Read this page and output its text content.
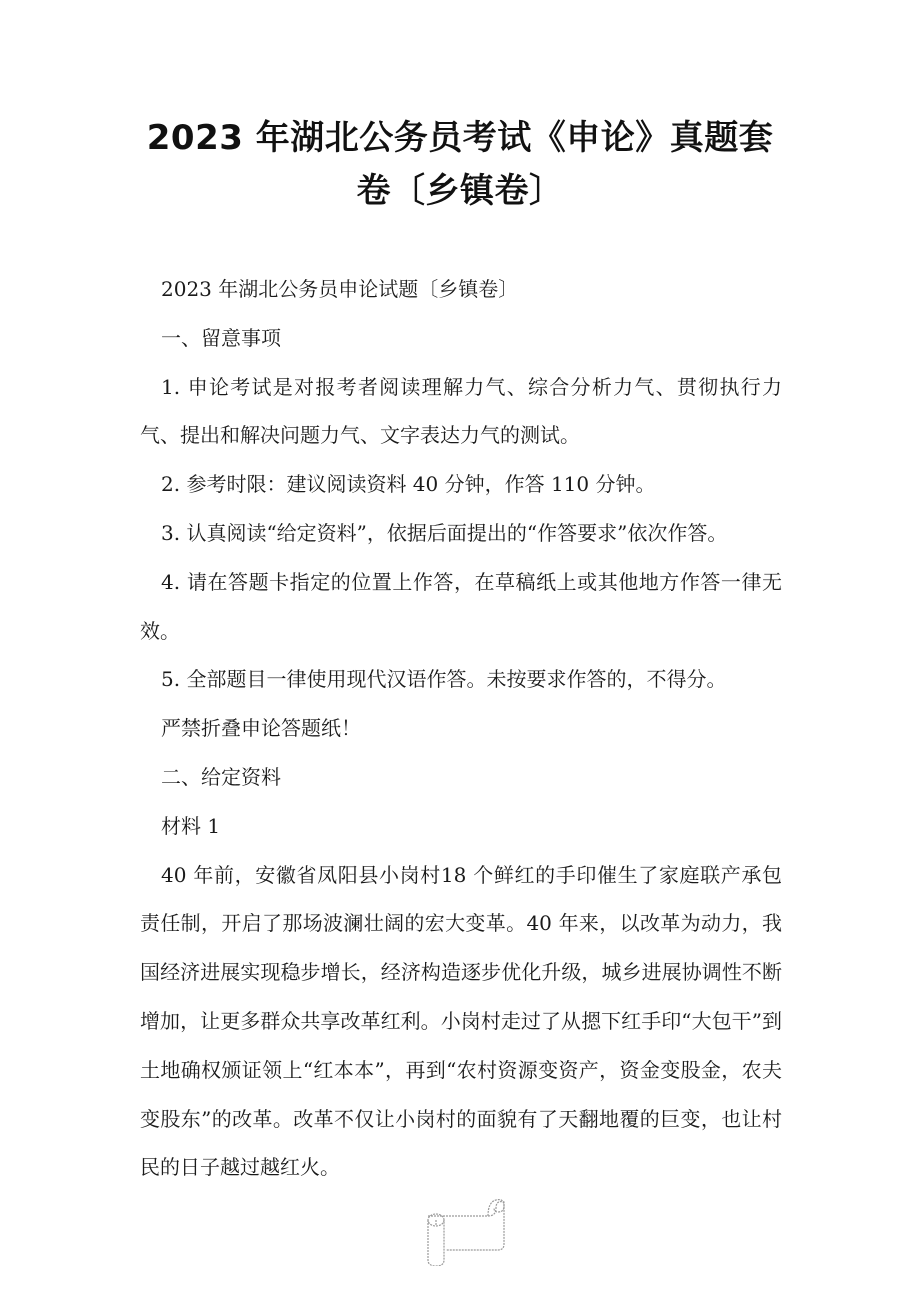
2023 年湖北公务员考试《申论》真题套卷〔乡镇卷〕

2023 年湖北公务员申论试题〔乡镇卷〕

一、留意事项

1. 申论考试是对报考者阅读理解力气、综合分析力气、贯彻执行力气、提出和解决问题力气、文字表达力气的测试。

2. 参考时限：建议阅读资料 40 分钟，作答 110 分钟。

3. 认真阅读“给定资料”，依据后面提出的“作答要求”依次作答。

4. 请在答题卡指定的位置上作答，在草稿纸上或其他地方作答一律无效。

5. 全部题目一律使用现代汉语作答。未按要求作答的，不得分。

严禁折叠申论答题纸！

二、给定资料

材料 1

40 年前，安徽省凤阳县小岗村18 个鲜红的手印催生了家庭联产承包责任制，开启了那场波澜壮阔的宏大变革。40 年来，以改革为动力，我国经济进展实现稳步增长，经济构造逐步优化升级，城乡进展协调性不断增加，让更多群众共享改革红利。小岗村走过了从摁下红手印“大包干”到土地确权颁证领上“红本本”，再到“农村资源变资产，资金变股金，农夫变股东”的改革。改革不仅让小岗村的面貌有了天翻地覆的巨变，也让村民的日子越过越红火。
